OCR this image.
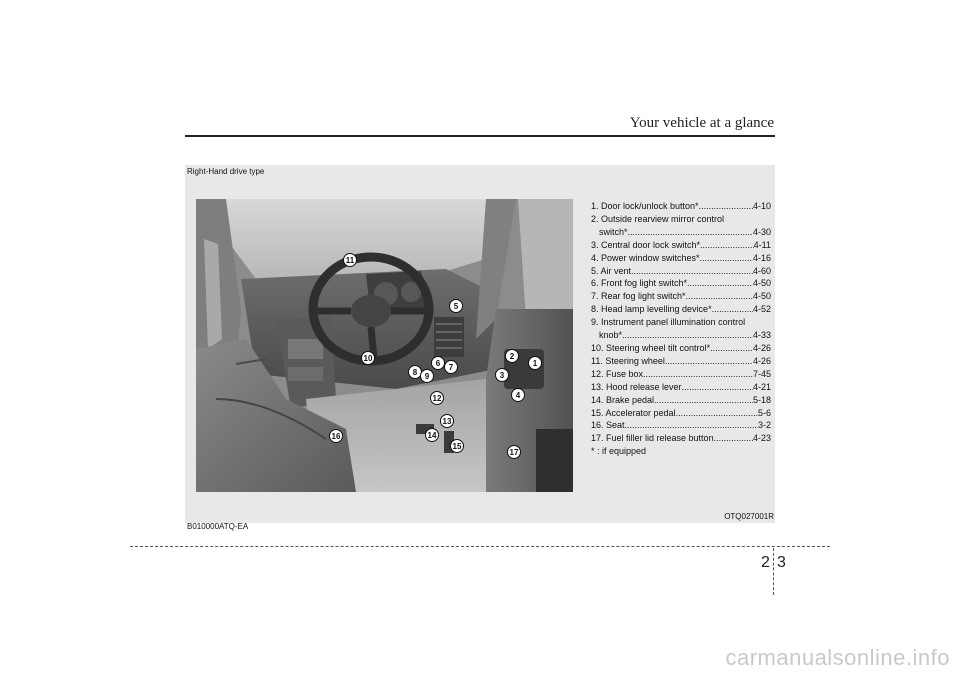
Your vehicle at a glance
Right-Hand drive type
1
2
3
4
5
6 7
8 9
10
11
12
13
14
15
16
17
1. Door lock/unlock button* .....	4-10
2. Outside rearview mirror control
switch* .....	4-30
3. Central door lock switch* .....	4-11
4. Power window switches* .....	4-16
5. Air vent .....	4-60
6. Front fog light switch* .....	4-50
7. Rear fog light switch* .....	4-50
8. Head lamp levelling device* .....	4-52
9. Instrument panel illumination control
knob* .....	4-33
10. Steering wheel tilt control* .....	4-26
11. Steering wheel .....	4-26
12. Fuse box .....	7-45
13. Hood release lever .....	4-21
14. Brake pedal .....	5-18
15. Accelerator pedal .....	5-6
16. Seat .....	3-2
17. Fuel filler lid release button .....	4-23
* : if equipped
OTQ027001R
B010000ATQ-EA
2 3
carmanualsonline.info
